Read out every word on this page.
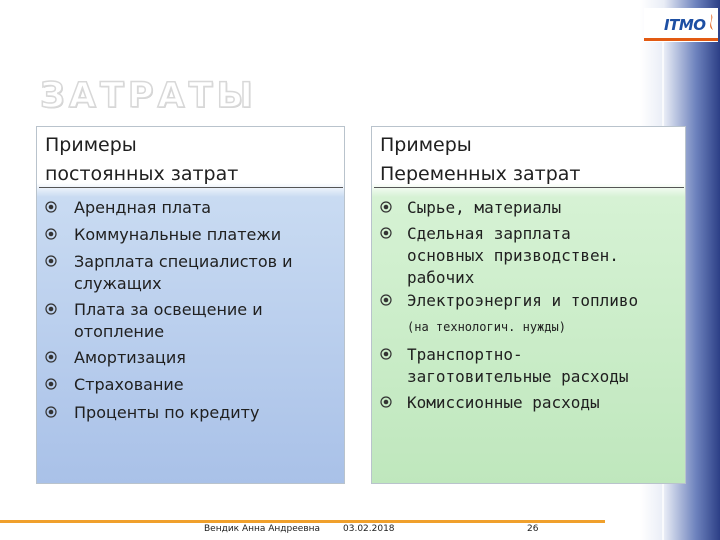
ITMO
ЗАТРАТЫ
Примеры
постоянных затрат
Арендная плата
Коммунальные платежи
Зарплата специалистов и
служащих
Плата за освещение и
отопление
Амортизация
Страхование
Проценты по кредиту
Примеры
Переменных затрат
Сырье, материалы
Сдельная зарплата
основных призводствен.
рабочих
Электроэнергия и топливо
(на технологич. нужды)
Транспортно-
заготовительные расходы
Комиссионные расходы
Вендик Анна Андреевна	03.02.2018	26
